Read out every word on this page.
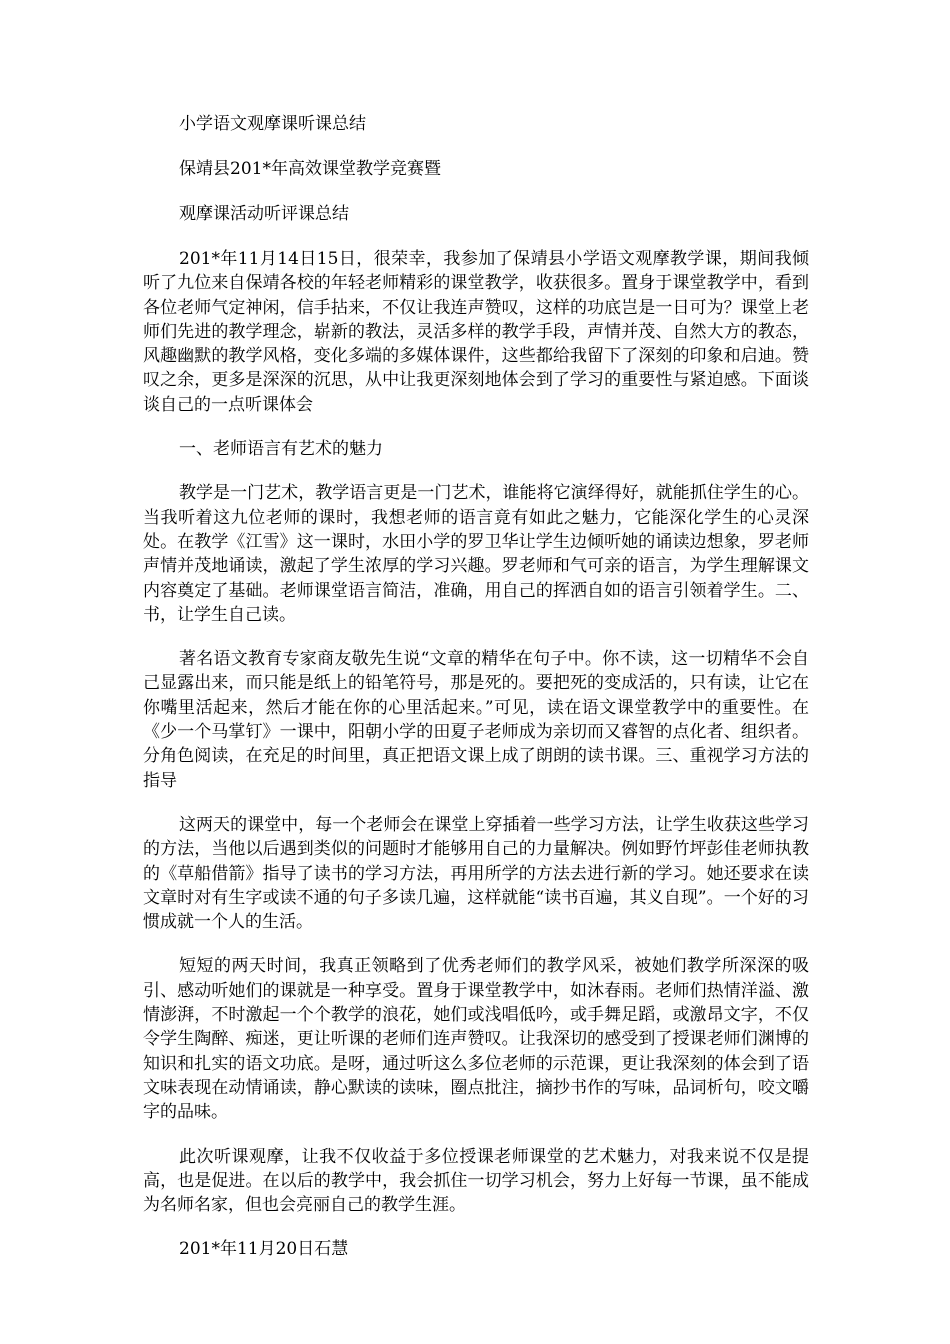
小学语文观摩课听课总结
保靖县201*年高效课堂教学竞赛暨
观摩课活动听评课总结

201*年11月14日15日，很荣幸，我参加了保靖县小学语文观摩教学课，期间我倾听了九位来自保靖各校的年轻老师精彩的课堂教学，收获很多。置身于课堂教学中，看到各位老师气定神闲，信手拈来，不仅让我连声赞叹，这样的功底岂是一日可为？课堂上老师们先进的教学理念，崭新的教法，灵活多样的教学手段，声情并茂、自然大方的教态，风趣幽默的教学风格，变化多端的多媒体课件，这些都给我留下了深刻的印象和启迪。赞叹之余，更多是深深的沉思，从中让我更深刻地体会到了学习的重要性与紧迫感。下面谈谈自己的一点听课体会

一、老师语言有艺术的魅力

教学是一门艺术，教学语言更是一门艺术，谁能将它演绎得好，就能抓住学生的心。当我听着这九位老师的课时，我想老师的语言竟有如此之魅力，它能深化学生的心灵深处。在教学《江雪》这一课时，水田小学的罗卫华让学生边倾听她的诵读边想象，罗老师声情并茂地诵读，激起了学生浓厚的学习兴趣。罗老师和气可亲的语言，为学生理解课文内容奠定了基础。老师课堂语言简洁，准确，用自己的挥洒自如的语言引领着学生。二、书，让学生自己读。

著名语文教育专家商友敬先生说“文章的精华在句子中。你不读，这一切精华不会自己显露出来，而只能是纸上的铅笔符号，那是死的。要把死的变成活的，只有读，让它在你嘴里活起来，然后才能在你的心里活起来。”可见，读在语文课堂教学中的重要性。在《少一个马掌钉》一课中，阳朝小学的田夏子老师成为亲切而又睿智的点化者、组织者。分角色阅读，在充足的时间里，真正把语文课上成了朗朗的读书课。三、重视学习方法的指导

这两天的课堂中，每一个老师会在课堂上穿插着一些学习方法，让学生收获这些学习的方法，当他以后遇到类似的问题时才能够用自己的力量解决。例如野竹坪彭佳老师执教的《草船借箭》指导了读书的学习方法，再用所学的方法去进行新的学习。她还要求在读文章时对有生字或读不通的句子多读几遍，这样就能“读书百遍，其义自现”。一个好的习惯成就一个人的生活。

短短的两天时间，我真正领略到了优秀老师们的教学风采，被她们教学所深深的吸引、感动听她们的课就是一种享受。置身于课堂教学中，如沐春雨。老师们热情洋溢、激情澎湃，不时激起一个个教学的浪花，她们或浅唱低吟，或手舞足蹈，或激昂文字，不仅令学生陶醉、痴迷，更让听课的老师们连声赞叹。让我深切的感受到了授课老师们渊博的知识和扎实的语文功底。是呀，通过听这么多位老师的示范课，更让我深刻的体会到了语文味表现在动情诵读，静心默读的读味，圈点批注，摘抄书作的写味，品词析句，咬文嚼字的品味。

此次听课观摩，让我不仅收益于多位授课老师课堂的艺术魅力，对我来说不仅是提高，也是促进。在以后的教学中，我会抓住一切学习机会，努力上好每一节课，虽不能成为名师名家，但也会亮丽自己的教学生涯。

201*年11月20日石慧
